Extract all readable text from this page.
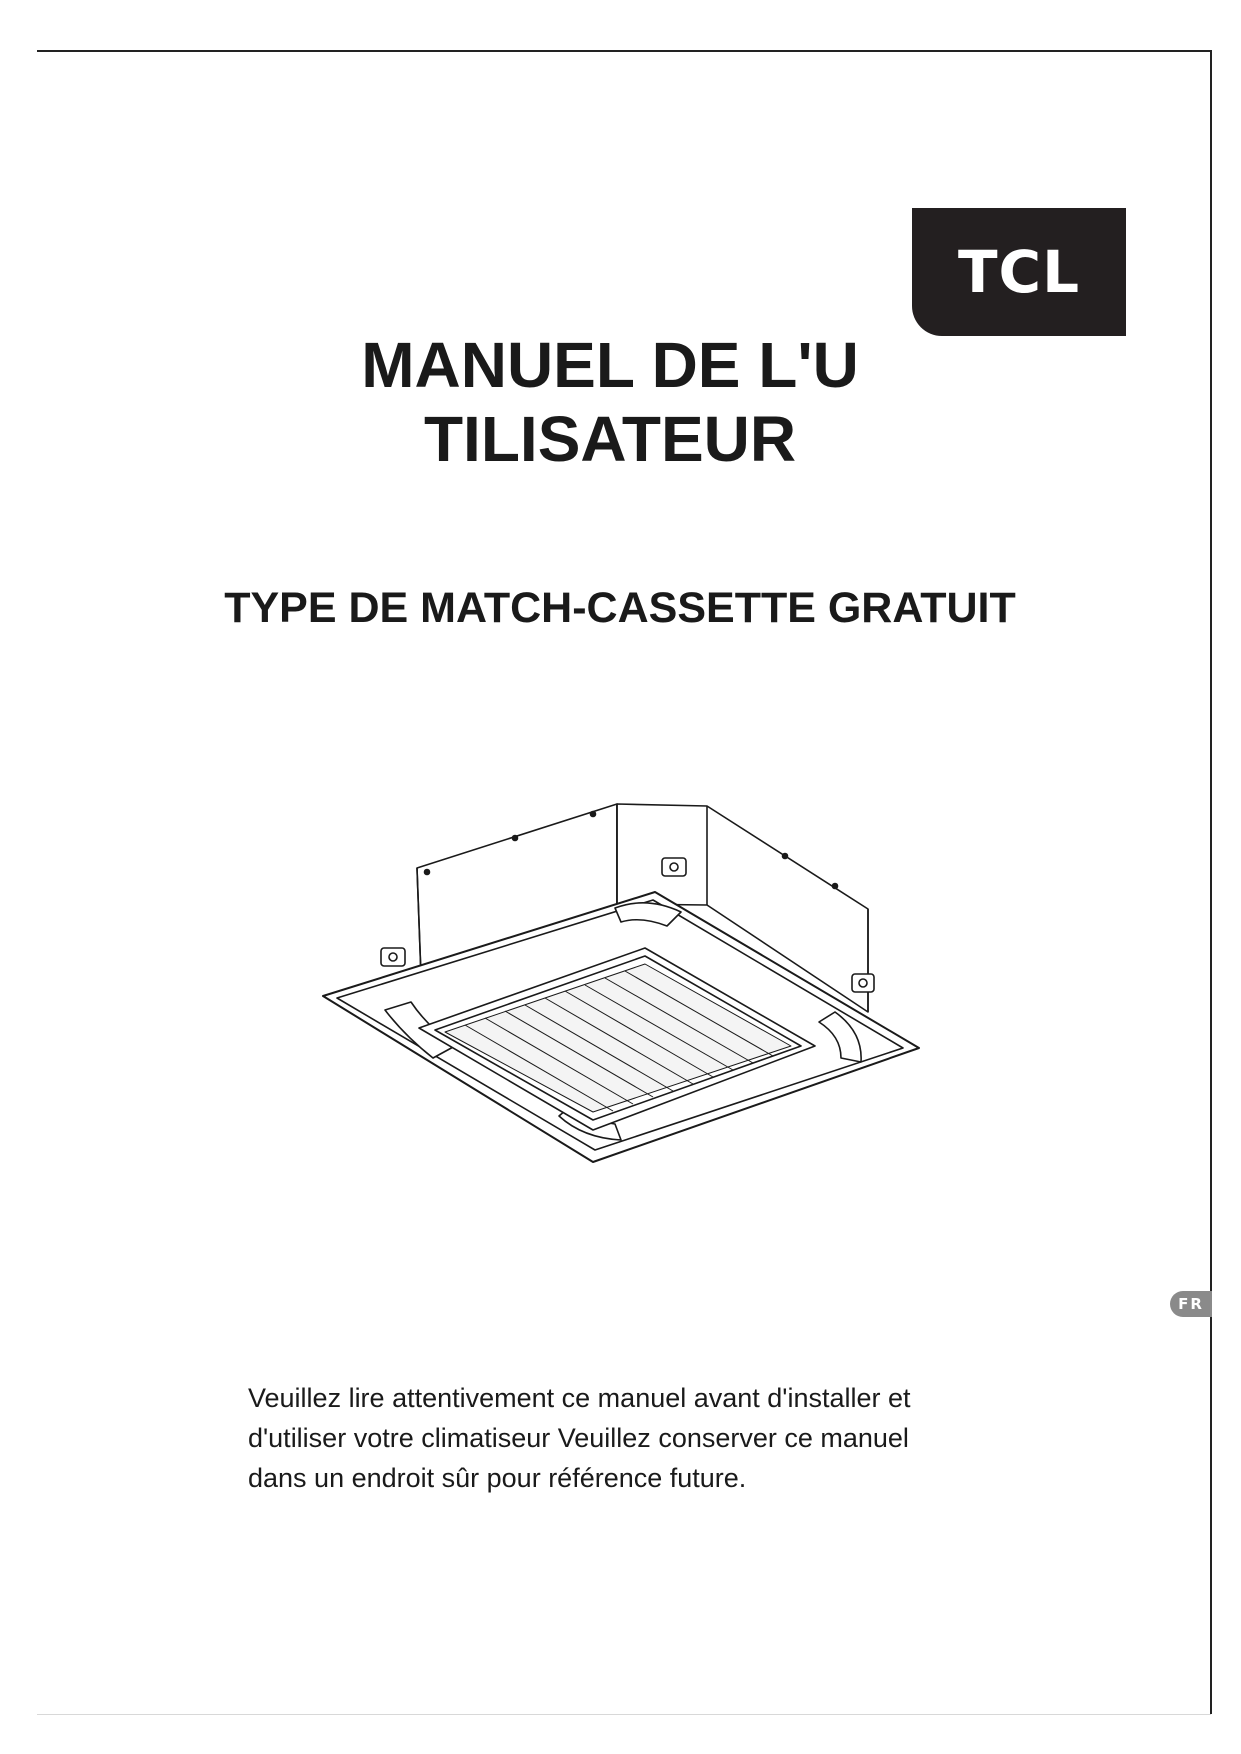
TCL
MANUEL DE L'U
TILISATEUR
TYPE DE MATCH-CASSETTE GRATUIT
FR
Veuillez lire attentivement ce manuel avant d'installer et
d'utiliser votre climatiseur Veuillez conserver ce manuel
dans un endroit sûr pour référence future.
